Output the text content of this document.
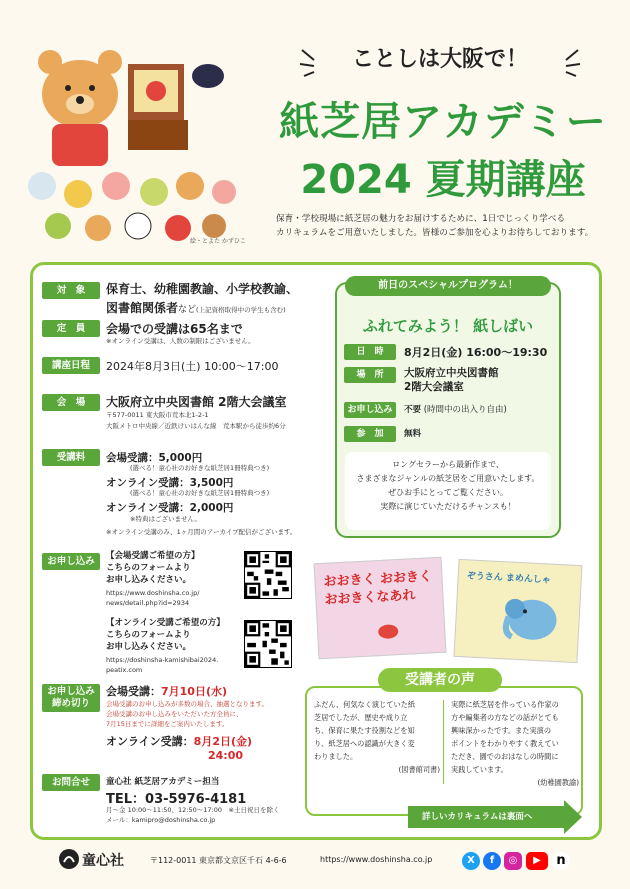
絵・とよた かずひこ
ことしは大阪で！
紙芝居アカデミー
2024 夏期講座
保育・学校現場に紙芝居の魅力をお届けするために、1日でじっくり学べる
カリキュラムをご用意いたしました。皆様のご参加を心よりお待ちしております。
対　象	保育士、幼稚園教諭、小学校教諭、
図書館関係者など(上記資格取得中の学生も含む)
定　員	会場での受講は65名まで
※オンライン受講は、人数の制限はございません。
講座日程	2024年8月3日(土) 10:00～17:00
会　場	大阪府立中央図書館 2階大会議室
〒577-0011 東大阪市荒本北1-2-1
大阪メトロ中央線／近鉄けいはんな線　荒本駅から徒歩約6分
受講料	会場受講：5,000円
(選べる！童心社のお好きな紙芝居1冊特典つき)
オンライン受講：3,500円
(選べる！童心社のお好きな紙芝居1冊特典つき)
オンライン受講：2,000円
※特典はございません。
※オンライン受講のみ、1ヶ月間のアーカイブ配信がございます。
お申し込み	【会場受講ご希望の方】
こちらのフォームより
お申し込みください。
https://www.doshinsha.co.jp/
news/detail.php?id=2934
【オンライン受講ご希望の方】
こちらのフォームより
お申し込みください。
https://doshinsha-kamishibai2024.
peatix.com
お申し込み
締め切り
会場受講：7月10日(水)
会場受講のお申し込みが多数の場合、抽選となります。
会場受講のお申し込みをいただいた方全員に、
7月15日までに詳細をご案内いたします。
オンライン受講：8月2日(金)
24:00
お問合せ	童心社 紙芝居アカデミー担当
TEL：03-5976-4181
月～金 10:00～11:50、12:50～17:00　※土日祝日を除く
メール：kamipro@doshinsha.co.jp
前日のスペシャルプログラム！
ふれてみよう！ 紙しばい
日　時	8月2日(金) 16:00～19:30
場　所	大阪府立中央図書館
2階大会議室
お申し込み	不要 (時間中の出入り自由)
参　加	無料
ロングセラーから最新作まで、
さまざまなジャンルの紙芝居をご用意いたします。
ぜひお手にとってご覧ください。
実際に演じていただけるチャンスも！
おおきく おおきく おおきくなあれ
ぞうさん まめんしゃ
受講者の声
ふだん、何気なく演じていた紙
芝居でしたが、歴史や成り立
ち、保育に果たす役割などを知
り、紙芝居への認識が大きく変
わりました。
(図書館司書)
実際に紙芝居を作っている作家の
方や編集者の方などの話がとても
興味深かったです。また実演の
ポイントをわかりやすく教えてい
ただき、園でのおはなしの時間に
実践しています。
(幼稚園教諭)
詳しいカリキュラムは裏面へ
童心社	〒112-0011 東京都文京区千石 4-6-6	https://www.doshinsha.co.jp	X	f	◎	▶	n
